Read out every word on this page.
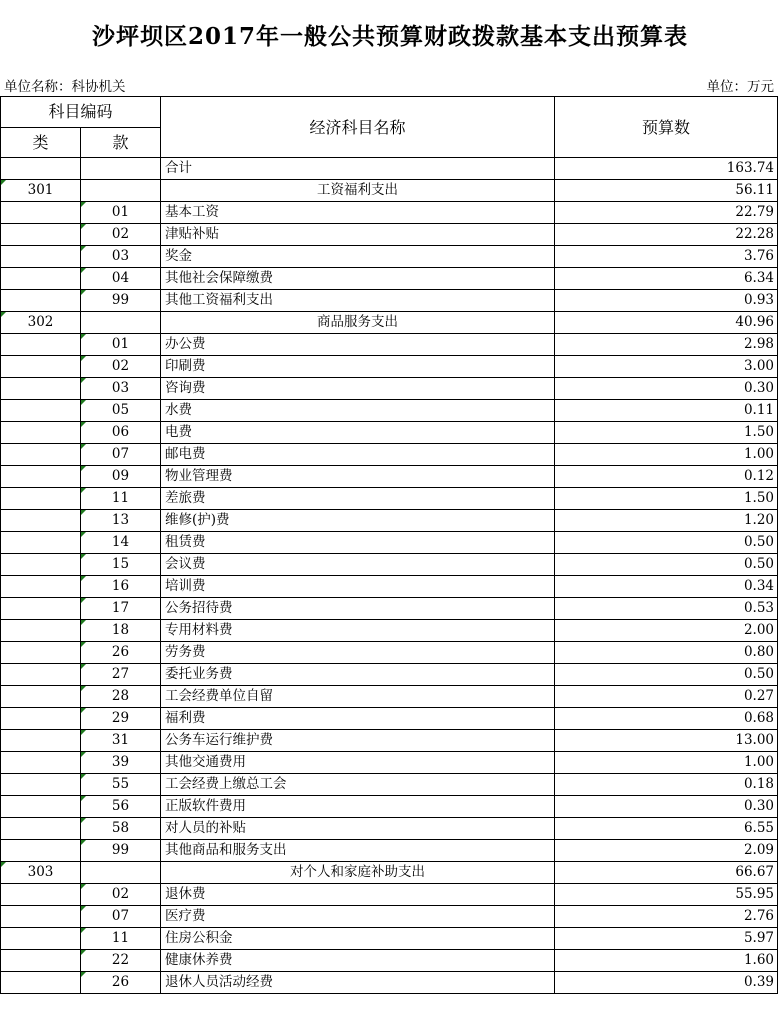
沙坪坝区2017年一般公共预算财政拨款基本支出预算表
单位名称：科协机关	单位：万元
科目编码		经济科目名称	预算数
类	款		
		合计	163.74
301		工资福利支出	56.11
	01	基本工资	22.79
	02	津贴补贴	22.28
	03	奖金	3.76
	04	其他社会保障缴费	6.34
	99	其他工资福利支出	0.93
302		商品服务支出	40.96
	01	办公费	2.98
	02	印刷费	3.00
	03	咨询费	0.30
	05	水费	0.11
	06	电费	1.50
	07	邮电费	1.00
	09	物业管理费	0.12
	11	差旅费	1.50
	13	维修(护)费	1.20
	14	租赁费	0.50
	15	会议费	0.50
	16	培训费	0.34
	17	公务招待费	0.53
	18	专用材料费	2.00
	26	劳务费	0.80
	27	委托业务费	0.50
	28	工会经费单位自留	0.27
	29	福利费	0.68
	31	公务车运行维护费	13.00
	39	其他交通费用	1.00
	55	工会经费上缴总工会	0.18
	56	正版软件费用	0.30
	58	对人员的补贴	6.55
	99	其他商品和服务支出	2.09
303		对个人和家庭补助支出	66.67
	02	退休费	55.95
	07	医疗费	2.76
	11	住房公积金	5.97
	22	健康休养费	1.60
	26	退休人员活动经费	0.39
